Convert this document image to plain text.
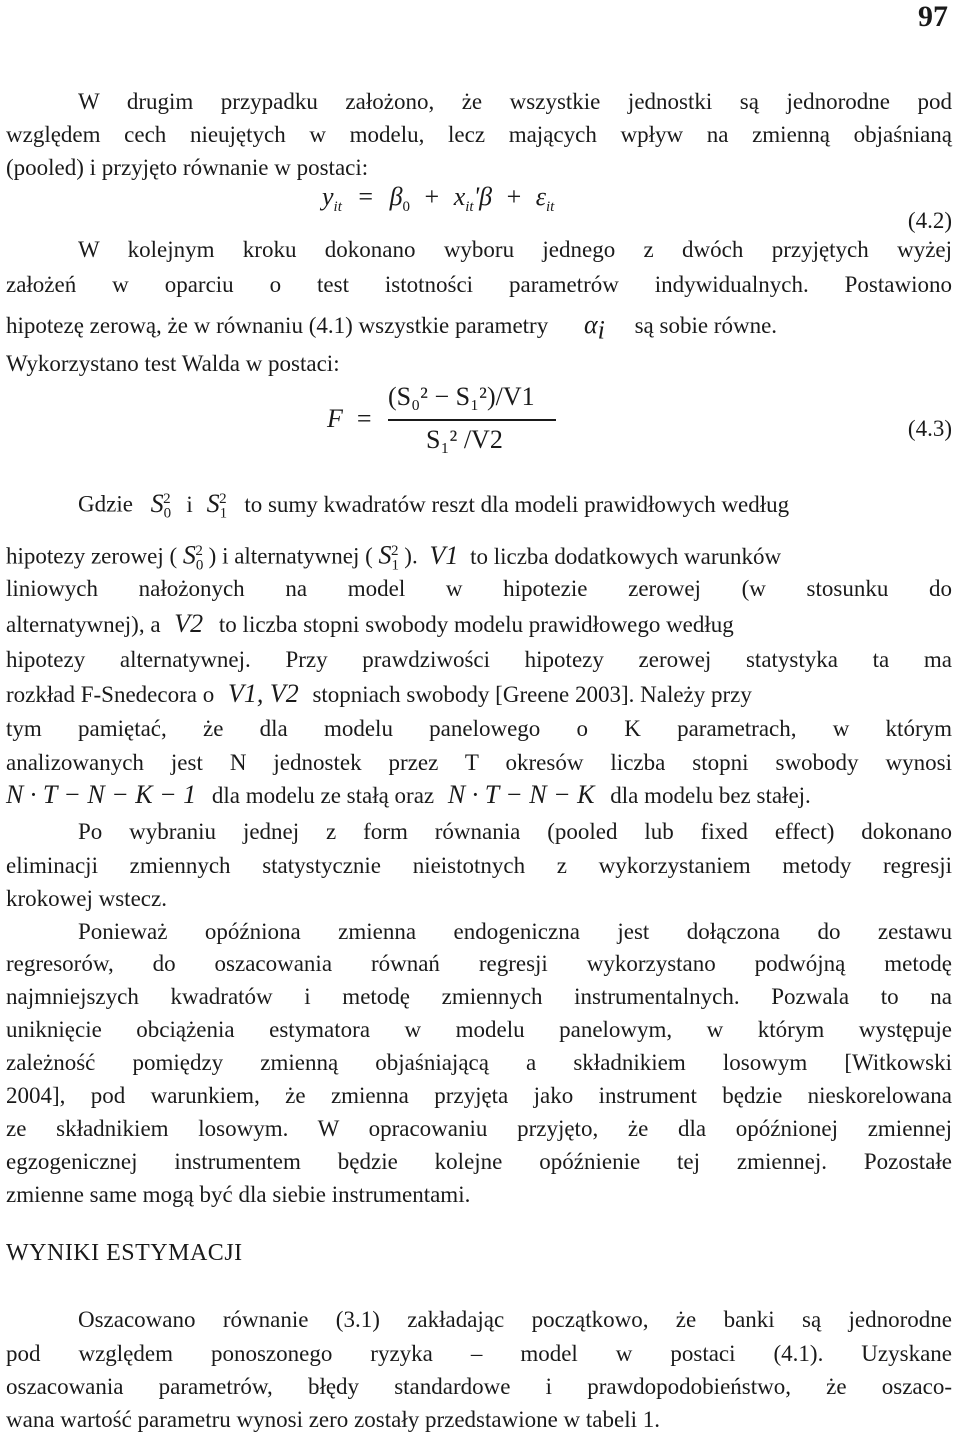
97
W drugim przypadku założono, że wszystkie jednostki są jednorodne pod
względem cech nieujętych w modelu, lecz mających wpływ na zmienną objaśnianą
(pooled) i przyjęto równanie w postaci:
$y_{it} = \beta_0 + x_{it}'\beta + \varepsilon_{it}$
(4.2)
W kolejnym kroku dokonano wyboru jednego z dwóch przyjętych wyżej
założeń w oparciu o test istotności parametrów indywidualnych. Postawiono
hipotezę zerową, że w równaniu (4.1) wszystkie parametry $\alpha_i$ są sobie równe.
Wykorzystano test Walda w postaci:
F =
(S₀² − S₁²)/V1
S₁² /V2	(4.3)
Gdzie $S_0^2$ i $S_1^2$ to sumy kwadratów reszt dla modeli prawidłowych według
hipotezy zerowej ( $S_0^2$ ) i alternatywnej ( $S_1^2$ ). V1 to liczba dodatkowych warunków
liniowych nałożonych na model w hipotezie zerowej (w stosunku do
alternatywnej), a V2 to liczba stopni swobody modelu prawidłowego według
hipotezy alternatywnej. Przy prawdziwości hipotezy zerowej statystyka ta ma
rozkład F-Snedecora o V1, V2 stopniach swobody [Greene 2003]. Należy przy
tym pamiętać, że dla modelu panelowego o K parametrach, w którym
analizowanych jest N jednostek przez T okresów liczba stopni swobody wynosi
N · T − N − K − 1 dla modelu ze stałą oraz N · T − N − K dla modelu bez stałej.
Po wybraniu jednej z form równania (pooled lub fixed effect) dokonano
eliminacji zmiennych statystycznie nieistotnych z wykorzystaniem metody regresji
krokowej wstecz.
Ponieważ opóźniona zmienna endogeniczna jest dołączona do zestawu
regresorów, do oszacowania równań regresji wykorzystano podwójną metodę
najmniejszych kwadratów i metodę zmiennych instrumentalnych. Pozwala to na
uniknięcie obciążenia estymatora w modelu panelowym, w którym występuje
zależność pomiędzy zmienną objaśniającą a składnikiem losowym [Witkowski
2004], pod warunkiem, że zmienna przyjęta jako instrument będzie nieskorelowana
ze składnikiem losowym. W opracowaniu przyjęto, że dla opóźnionej zmiennej
egzogenicznej instrumentem będzie kolejne opóźnienie tej zmiennej. Pozostałe
zmienne same mogą być dla siebie instrumentami.
WYNIKI ESTYMACJI
Oszacowano równanie (3.1) zakładając początkowo, że banki są jednorodne
pod względem ponoszonego ryzyka – model w postaci (4.1). Uzyskane
oszacowania parametrów, błędy standardowe i prawdopodobieństwo, że oszaco-
wana wartość parametru wynosi zero zostały przedstawione w tabeli 1.
